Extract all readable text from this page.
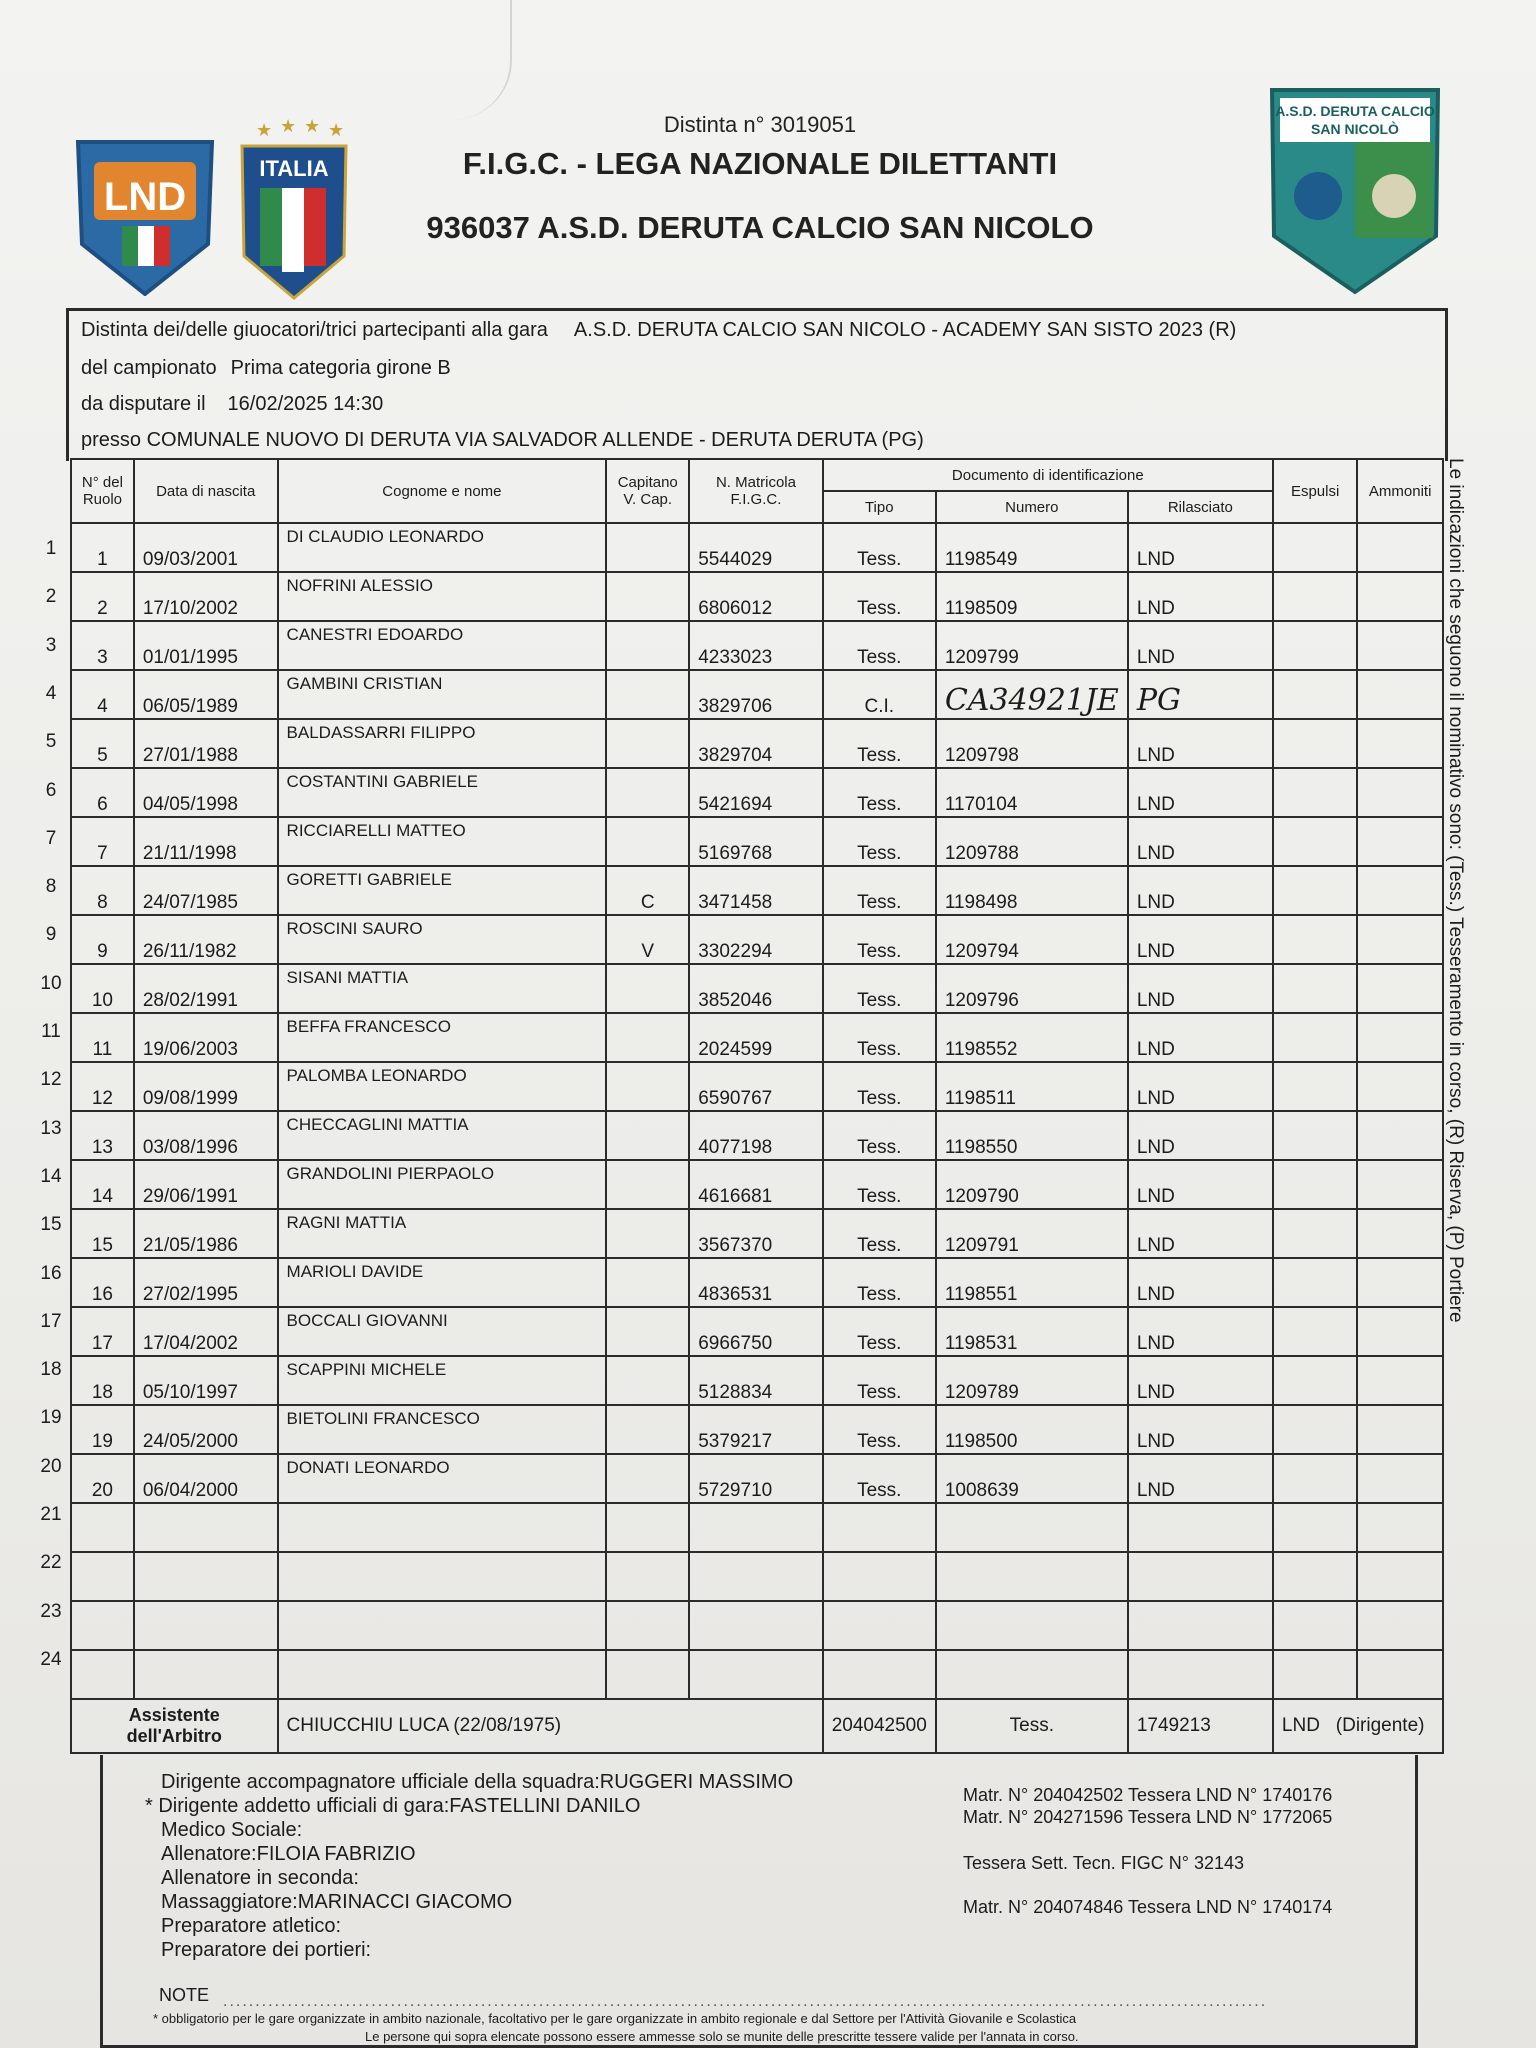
LND
★ ★ ★ ★
ITALIA
A.S.D. DERUTA CALCIO
SAN NICOLÒ
Distinta n° 3019051
F.I.G.C. - LEGA NAZIONALE DILETTANTI
936037 A.S.D. DERUTA CALCIO SAN NICOLO
Distinta dei/delle giuocatori/trici partecipanti alla gara A.S.D. DERUTA CALCIO SAN NICOLO - ACADEMY SAN SISTO 2023 (R)
del campionato Prima categoria girone B
da disputare il 16/02/2025 14:30
presso COMUNALE NUOVO DI DERUTA VIA SALVADOR ALLENDE - DERUTA DERUTA (PG)
N° del Ruolo	Data di nascita	Cognome e nome	Capitano V. Cap.	N. Matricola F.I.G.C.	Documento di identificazione			Espulsi	Ammoniti
					Tipo	Numero	Rilasciato		
1	09/03/2001	DI CLAUDIO LEONARDO		5544029	Tess.	1198549	LND		
2	17/10/2002	NOFRINI ALESSIO		6806012	Tess.	1198509	LND		
3	01/01/1995	CANESTRI EDOARDO		4233023	Tess.	1209799	LND		
4	06/05/1989	GAMBINI CRISTIAN		3829706	C.I.	CA34921JE	PG		
5	27/01/1988	BALDASSARRI FILIPPO		3829704	Tess.	1209798	LND		
6	04/05/1998	COSTANTINI GABRIELE		5421694	Tess.	1170104	LND		
7	21/11/1998	RICCIARELLI MATTEO		5169768	Tess.	1209788	LND		
8	24/07/1985	GORETTI GABRIELE	C	3471458	Tess.	1198498	LND		
9	26/11/1982	ROSCINI SAURO	V	3302294	Tess.	1209794	LND		
10	28/02/1991	SISANI MATTIA		3852046	Tess.	1209796	LND		
11	19/06/2003	BEFFA FRANCESCO		2024599	Tess.	1198552	LND		
12	09/08/1999	PALOMBA LEONARDO		6590767	Tess.	1198511	LND		
13	03/08/1996	CHECCAGLINI MATTIA		4077198	Tess.	1198550	LND		
14	29/06/1991	GRANDOLINI PIERPAOLO		4616681	Tess.	1209790	LND		
15	21/05/1986	RAGNI MATTIA		3567370	Tess.	1209791	LND		
16	27/02/1995	MARIOLI DAVIDE		4836531	Tess.	1198551	LND		
17	17/04/2002	BOCCALI GIOVANNI		6966750	Tess.	1198531	LND		
18	05/10/1997	SCAPPINI MICHELE		5128834	Tess.	1209789	LND		
19	24/05/2000	BIETOLINI FRANCESCO		5379217	Tess.	1198500	LND		
20	06/04/2000	DONATI LEONARDO		5729710	Tess.	1008639	LND		

Assistente dell'Arbitro		CHIUCCHIU LUCA (22/08/1975)			204042500	Tess.	1749213	LND (Dirigente)	
1
2
3
4
5
6
7
8
9
10
11
12
13
14
15
16
17
18
19
20
21
22
23
24
Le indicazioni che seguono il nominativo sono: (Tess.) Tesseramento in corso, (R) Riserva, (P) Portiere
Dirigente accompagnatore ufficiale della squadra:RUGGERI MASSIMO
* Dirigente addetto ufficiali di gara:FASTELLINI DANILO
Medico Sociale:
Allenatore:FILOIA FABRIZIO
Allenatore in seconda:
Massaggiatore:MARINACCI GIACOMO
Preparatore atletico:
Preparatore dei portieri:
Matr. N° 204042502 Tessera LND N° 1740176
Matr. N° 204271596 Tessera LND N° 1772065
Tessera Sett. Tecn. FIGC N° 32143
Matr. N° 204074846 Tessera LND N° 1740174
NOTE ..................................................................................................................................................................
* obbligatorio per le gare organizzate in ambito nazionale, facoltativo per le gare organizzate in ambito regionale e dal Settore per l'Attività Giovanile e Scolastica
Le persone qui sopra elencate possono essere ammesse solo se munite delle prescritte tessere valide per l'annata in corso.
